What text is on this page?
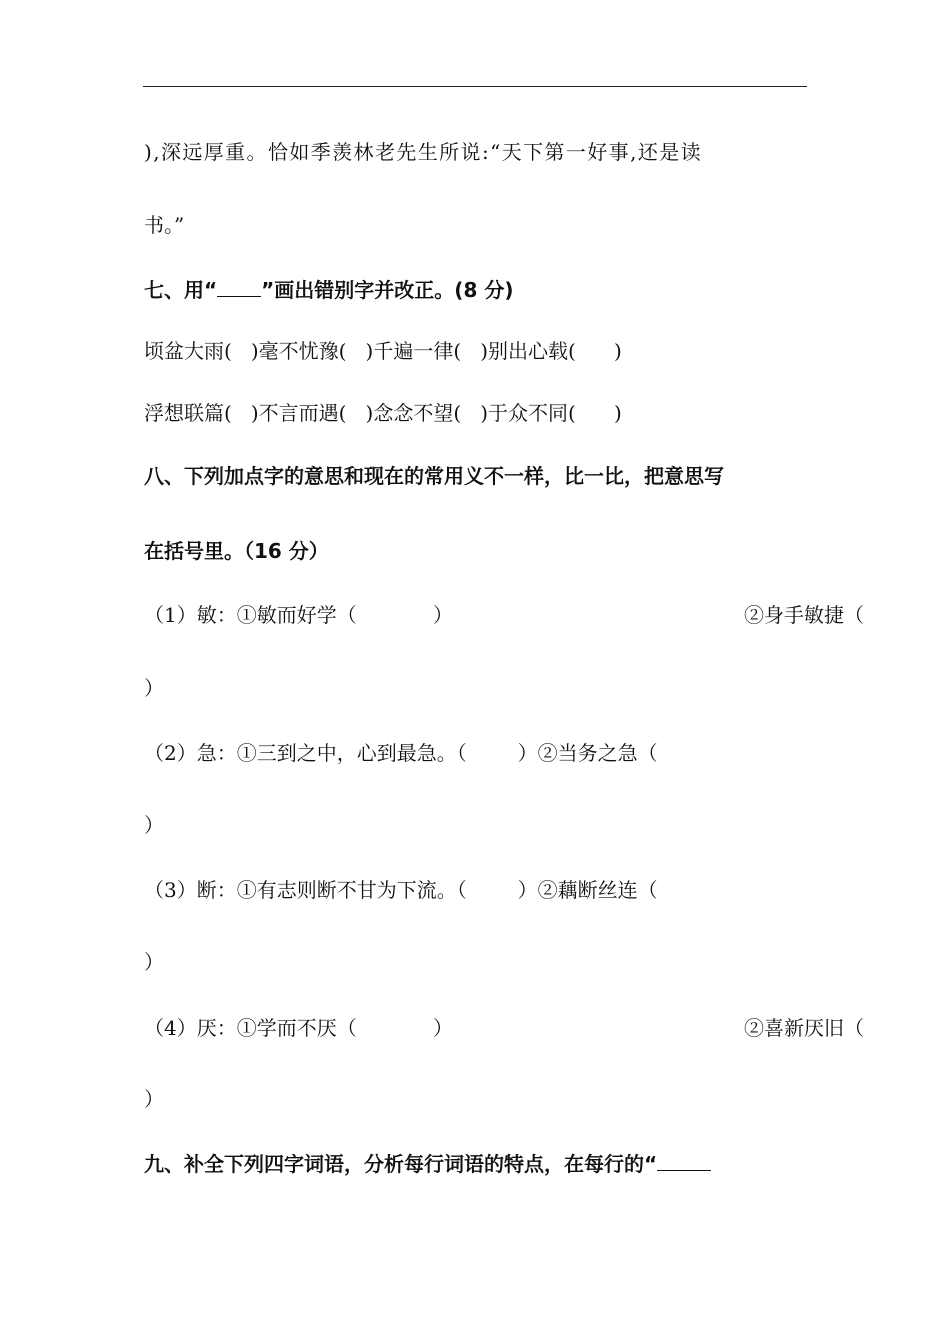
),深远厚重。恰如季羡林老先生所说:“天下第一好事,还是读
书。”
七、用“ ”画出错别字并改正。(8 分)
顷盆大雨(   )毫不忧豫(   )千遍一律(   )别出心载(      )
浮想联篇(   )不言而遇(   )念念不望(   )于众不同(      )
八、下列加点字的意思和现在的常用义不一样，比一比，把意思写
在括号里。（16 分）
（1）敏：①敏而好学（            ）	②身手敏捷（
）
（2）急：①三到之中，心到最急。（        ）②当务之急（
）
（3）断：①有志则断不甘为下流。（        ）②藕断丝连（
）
（4）厌：①学而不厌（            ）	②喜新厌旧（
）
九、补全下列四字词语，分析每行词语的特点，在每行的“
